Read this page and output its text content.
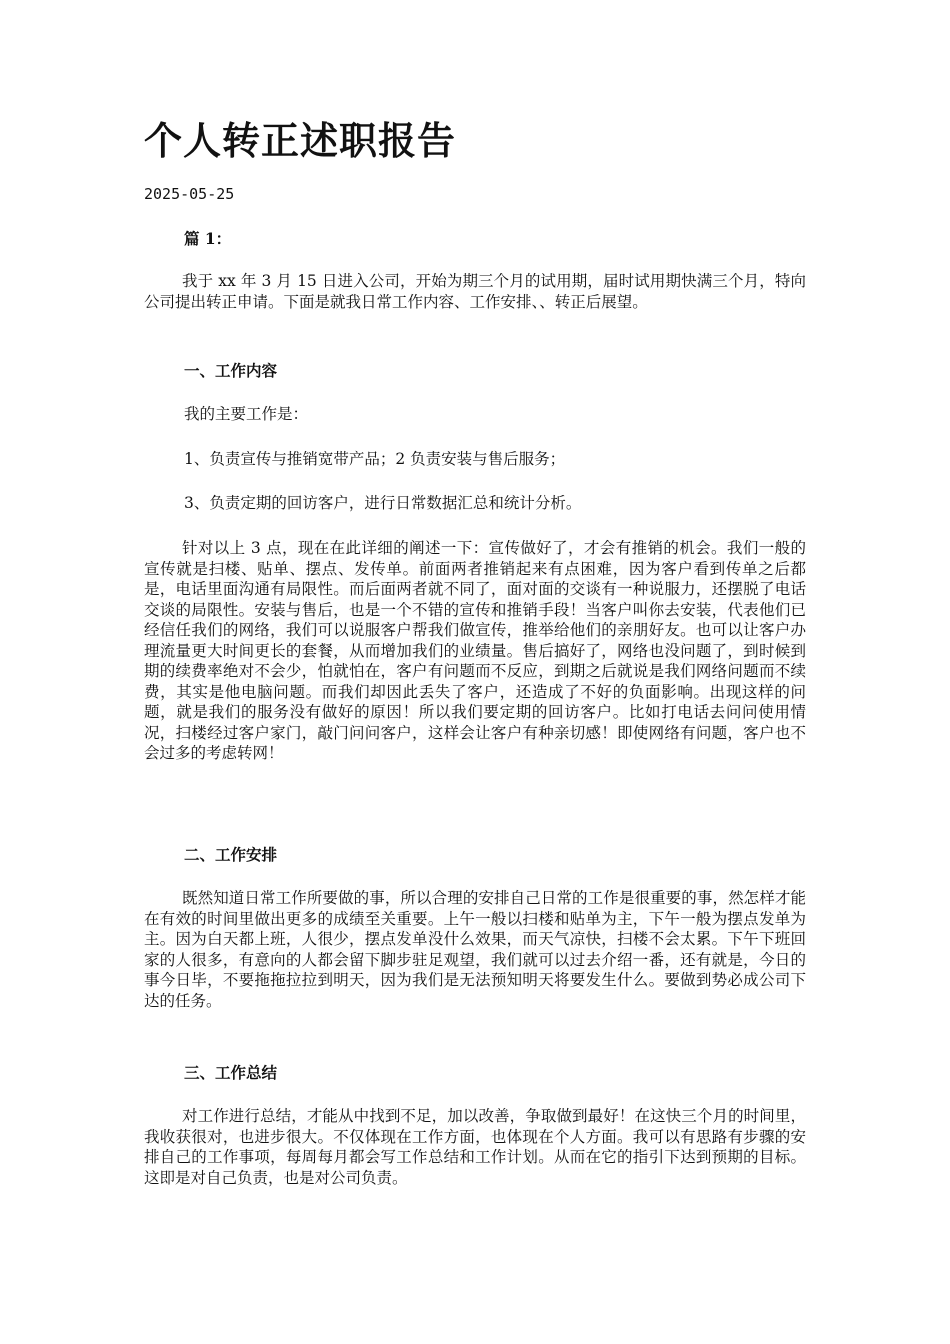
个人转正述职报告
2025-05-25
篇 1：

我于 xx 年 3 月 15 日进入公司，开始为期三个月的试用期，届时试用期快满三个月，特向公司提出转正申请。下面是就我日常工作内容、工作安排、、转正后展望。

一、工作内容
我的主要工作是：
1、负责宣传与推销宽带产品；2 负责安装与售后服务；
3、负责定期的回访客户，进行日常数据汇总和统计分析。

针对以上 3 点，现在在此详细的阐述一下：宣传做好了，才会有推销的机会。我们一般的宣传就是扫楼、贴单、摆点、发传单。前面两者推销起来有点困难，因为客户看到传单之后都是，电话里面沟通有局限性。而后面两者就不同了，面对面的交谈有一种说服力，还摆脱了电话交谈的局限性。安装与售后，也是一个不错的宣传和推销手段！当客户叫你去安装，代表他们已经信任我们的网络，我们可以说服客户帮我们做宣传，推举给他们的亲朋好友。也可以让客户办理流量更大时间更长的套餐，从而增加我们的业绩量。售后搞好了，网络也没问题了，到时候到期的续费率绝对不会少，怕就怕在，客户有问题而不反应，到期之后就说是我们网络问题而不续费，其实是他电脑问题。而我们却因此丢失了客户，还造成了不好的负面影响。出现这样的问题，就是我们的服务没有做好的原因！所以我们要定期的回访客户。比如打电话去问问使用情况，扫楼经过客户家门，敲门问问客户，这样会让客户有种亲切感！即使网络有问题，客户也不会过多的考虑转网！

二、工作安排

既然知道日常工作所要做的事，所以合理的安排自己日常的工作是很重要的事，然怎样才能在有效的时间里做出更多的成绩至关重要。上午一般以扫楼和贴单为主，下午一般为摆点发单为主。因为白天都上班，人很少，摆点发单没什么效果，而天气凉快，扫楼不会太累。下午下班回家的人很多，有意向的人都会留下脚步驻足观望，我们就可以过去介绍一番，还有就是，今日的事今日毕，不要拖拖拉拉到明天，因为我们是无法预知明天将要发生什么。要做到势必成公司下达的任务。

三、工作总结

对工作进行总结，才能从中找到不足，加以改善，争取做到最好！在这快三个月的时间里，我收获很对，也进步很大。不仅体现在工作方面，也体现在个人方面。我可以有思路有步骤的安排自己的工作事项，每周每月都会写工作总结和工作计划。从而在它的指引下达到预期的目标。这即是对自己负责，也是对公司负责。
